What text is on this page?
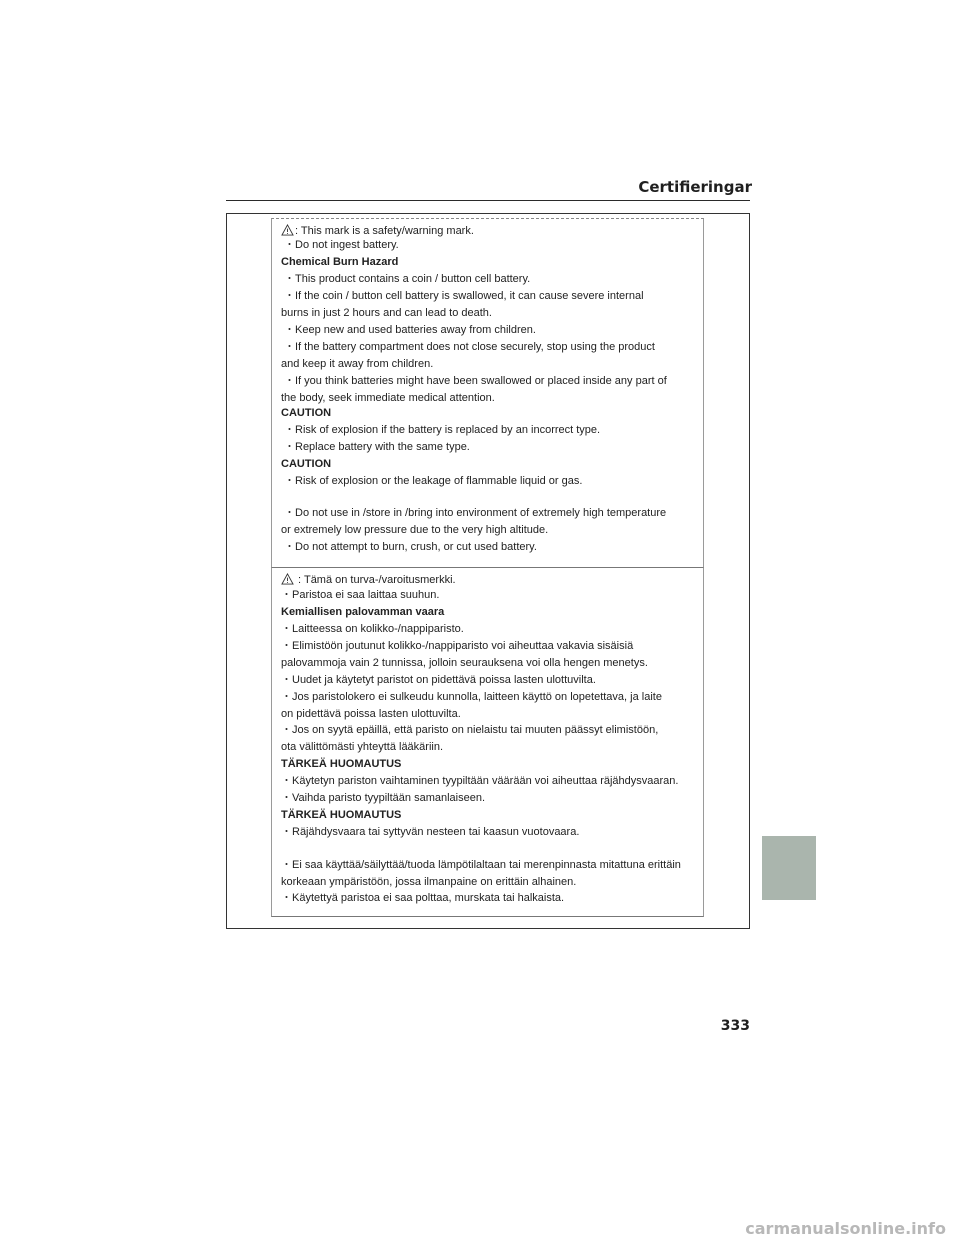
Certifieringar
: This mark is a safety/warning mark.
・Do not ingest battery.
Chemical Burn Hazard
・This product contains a coin / button cell battery.
・If the coin / button cell battery is swallowed, it can cause severe internal
burns in just 2 hours and can lead to death.
・Keep new and used batteries away from children.
・If the battery compartment does not close securely, stop using the product
and keep it away from children.
・If you think batteries might have been swallowed or placed inside any part of
the body, seek immediate medical attention.
CAUTION
・Risk of explosion if the battery is replaced by an incorrect type.
・Replace battery with the same type.
CAUTION
・Risk of explosion or the leakage of flammable liquid or gas.
・Do not use in /store in /bring into environment of extremely high temperature
or extremely low pressure due to the very high altitude.
・Do not attempt to burn, crush, or cut used battery.
: Tämä on turva-/varoitusmerkki.
・Paristoa ei saa laittaa suuhun.
Kemiallisen palovamman vaara
・Laitteessa on kolikko-/nappiparisto.
・Elimistöön joutunut kolikko-/nappiparisto voi aiheuttaa vakavia sisäisiä
palovammoja vain 2 tunnissa, jolloin seurauksena voi olla hengen menetys.
・Uudet ja käytetyt paristot on pidettävä poissa lasten ulottuvilta.
・Jos paristolokero ei sulkeudu kunnolla, laitteen käyttö on lopetettava, ja laite
on pidettävä poissa lasten ulottuvilta.
・Jos on syytä epäillä, että paristo on nielaistu tai muuten päässyt elimistöön,
ota välittömästi yhteyttä lääkäriin.
TÄRKEÄ HUOMAUTUS
・Käytetyn pariston vaihtaminen tyypiltään väärään voi aiheuttaa räjähdysvaaran.
・Vaihda paristo tyypiltään samanlaiseen.
TÄRKEÄ HUOMAUTUS
・Räjähdysvaara tai syttyvän nesteen tai kaasun vuotovaara.
・Ei saa käyttää/säilyttää/tuoda lämpötilaltaan tai merenpinnasta mitattuna erittäin
korkeaan ympäristöön, jossa ilmanpaine on erittäin alhainen.
・Käytettyä paristoa ei saa polttaa, murskata tai halkaista.
333
carmanualsonline.info
